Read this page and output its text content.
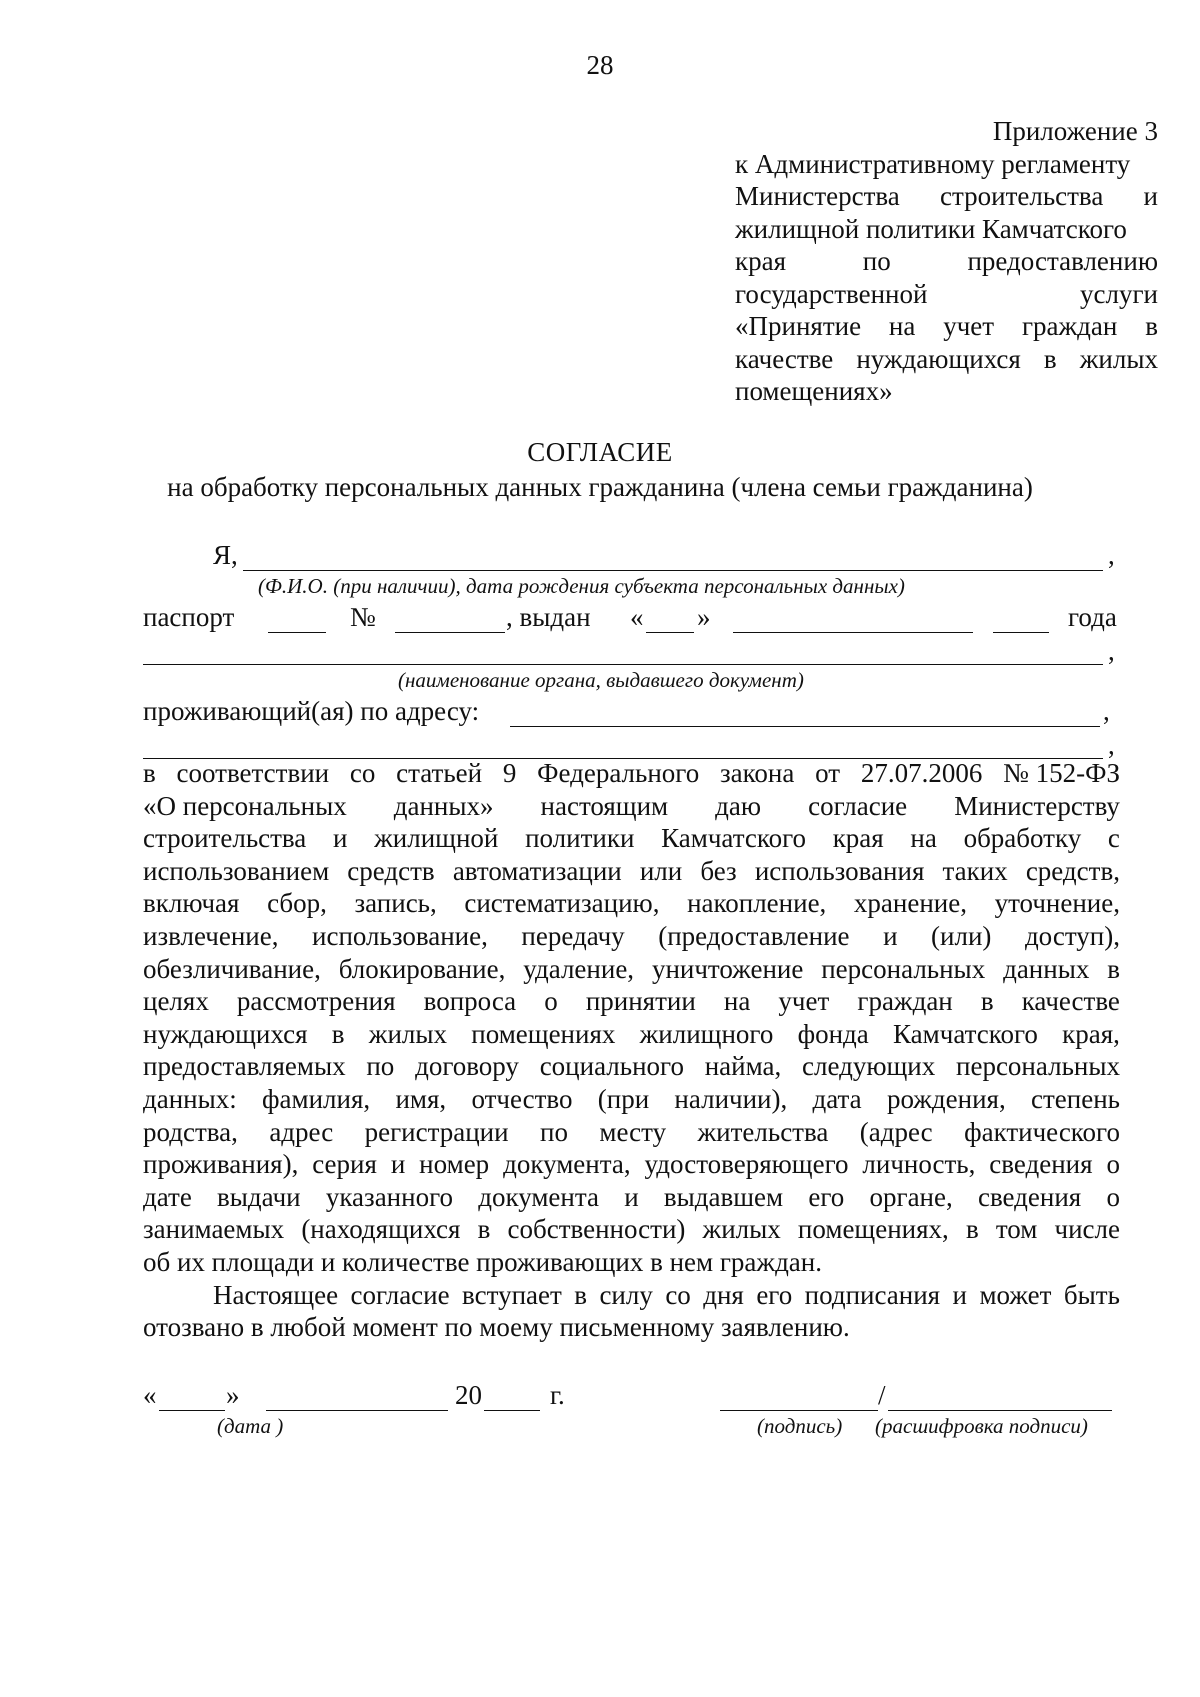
28
Приложение 3
к Административному регламенту
Министерства строительства и
жилищной политики Камчатского
края	по	предоставлению
государственной	услуги
«Принятие на учет граждан в
качестве нуждающихся в жилых
помещениях»
СОГЛАСИЕ
на обработку персональных данных гражданина (члена семьи гражданина)
Я,	,
(Ф.И.О. (при наличии), дата рождения субъекта персональных данных)
паспорт	№	, выдан « »	года
,
(наименование органа, выдавшего документ)
проживающий(ая) по адресу:	,
,
в соответствии со статьей 9 Федерального закона от 27.07.2006 № 152-ФЗ
«О персональных данных» настоящим даю согласие Министерству
строительства и жилищной политики Камчатского края на обработку с
использованием средств автоматизации или без использования таких средств,
включая сбор, запись, систематизацию, накопление, хранение, уточнение,
извлечение, использование, передачу (предоставление и (или) доступ),
обезличивание, блокирование, удаление, уничтожение персональных данных в
целях рассмотрения вопроса о принятии на учет граждан в качестве
нуждающихся в жилых помещениях жилищного фонда Камчатского края,
предоставляемых по договору социального найма, следующих персональных
данных: фамилия, имя, отчество (при наличии), дата рождения, степень
родства, адрес регистрации по месту жительства (адрес фактического
проживания), серия и номер документа, удостоверяющего личность, сведения о
дате выдачи указанного документа и выдавшем его органе, сведения о
занимаемых (находящихся в собственности) жилых помещениях, в том числе
об их площади и количестве проживающих в нем граждан.
Настоящее согласие вступает в силу со дня его подписания и может быть
отозвано в любой момент по моему письменному заявлению.
«	»	20	г.
(дата )
/
(подпись) (расшифровка подписи)
